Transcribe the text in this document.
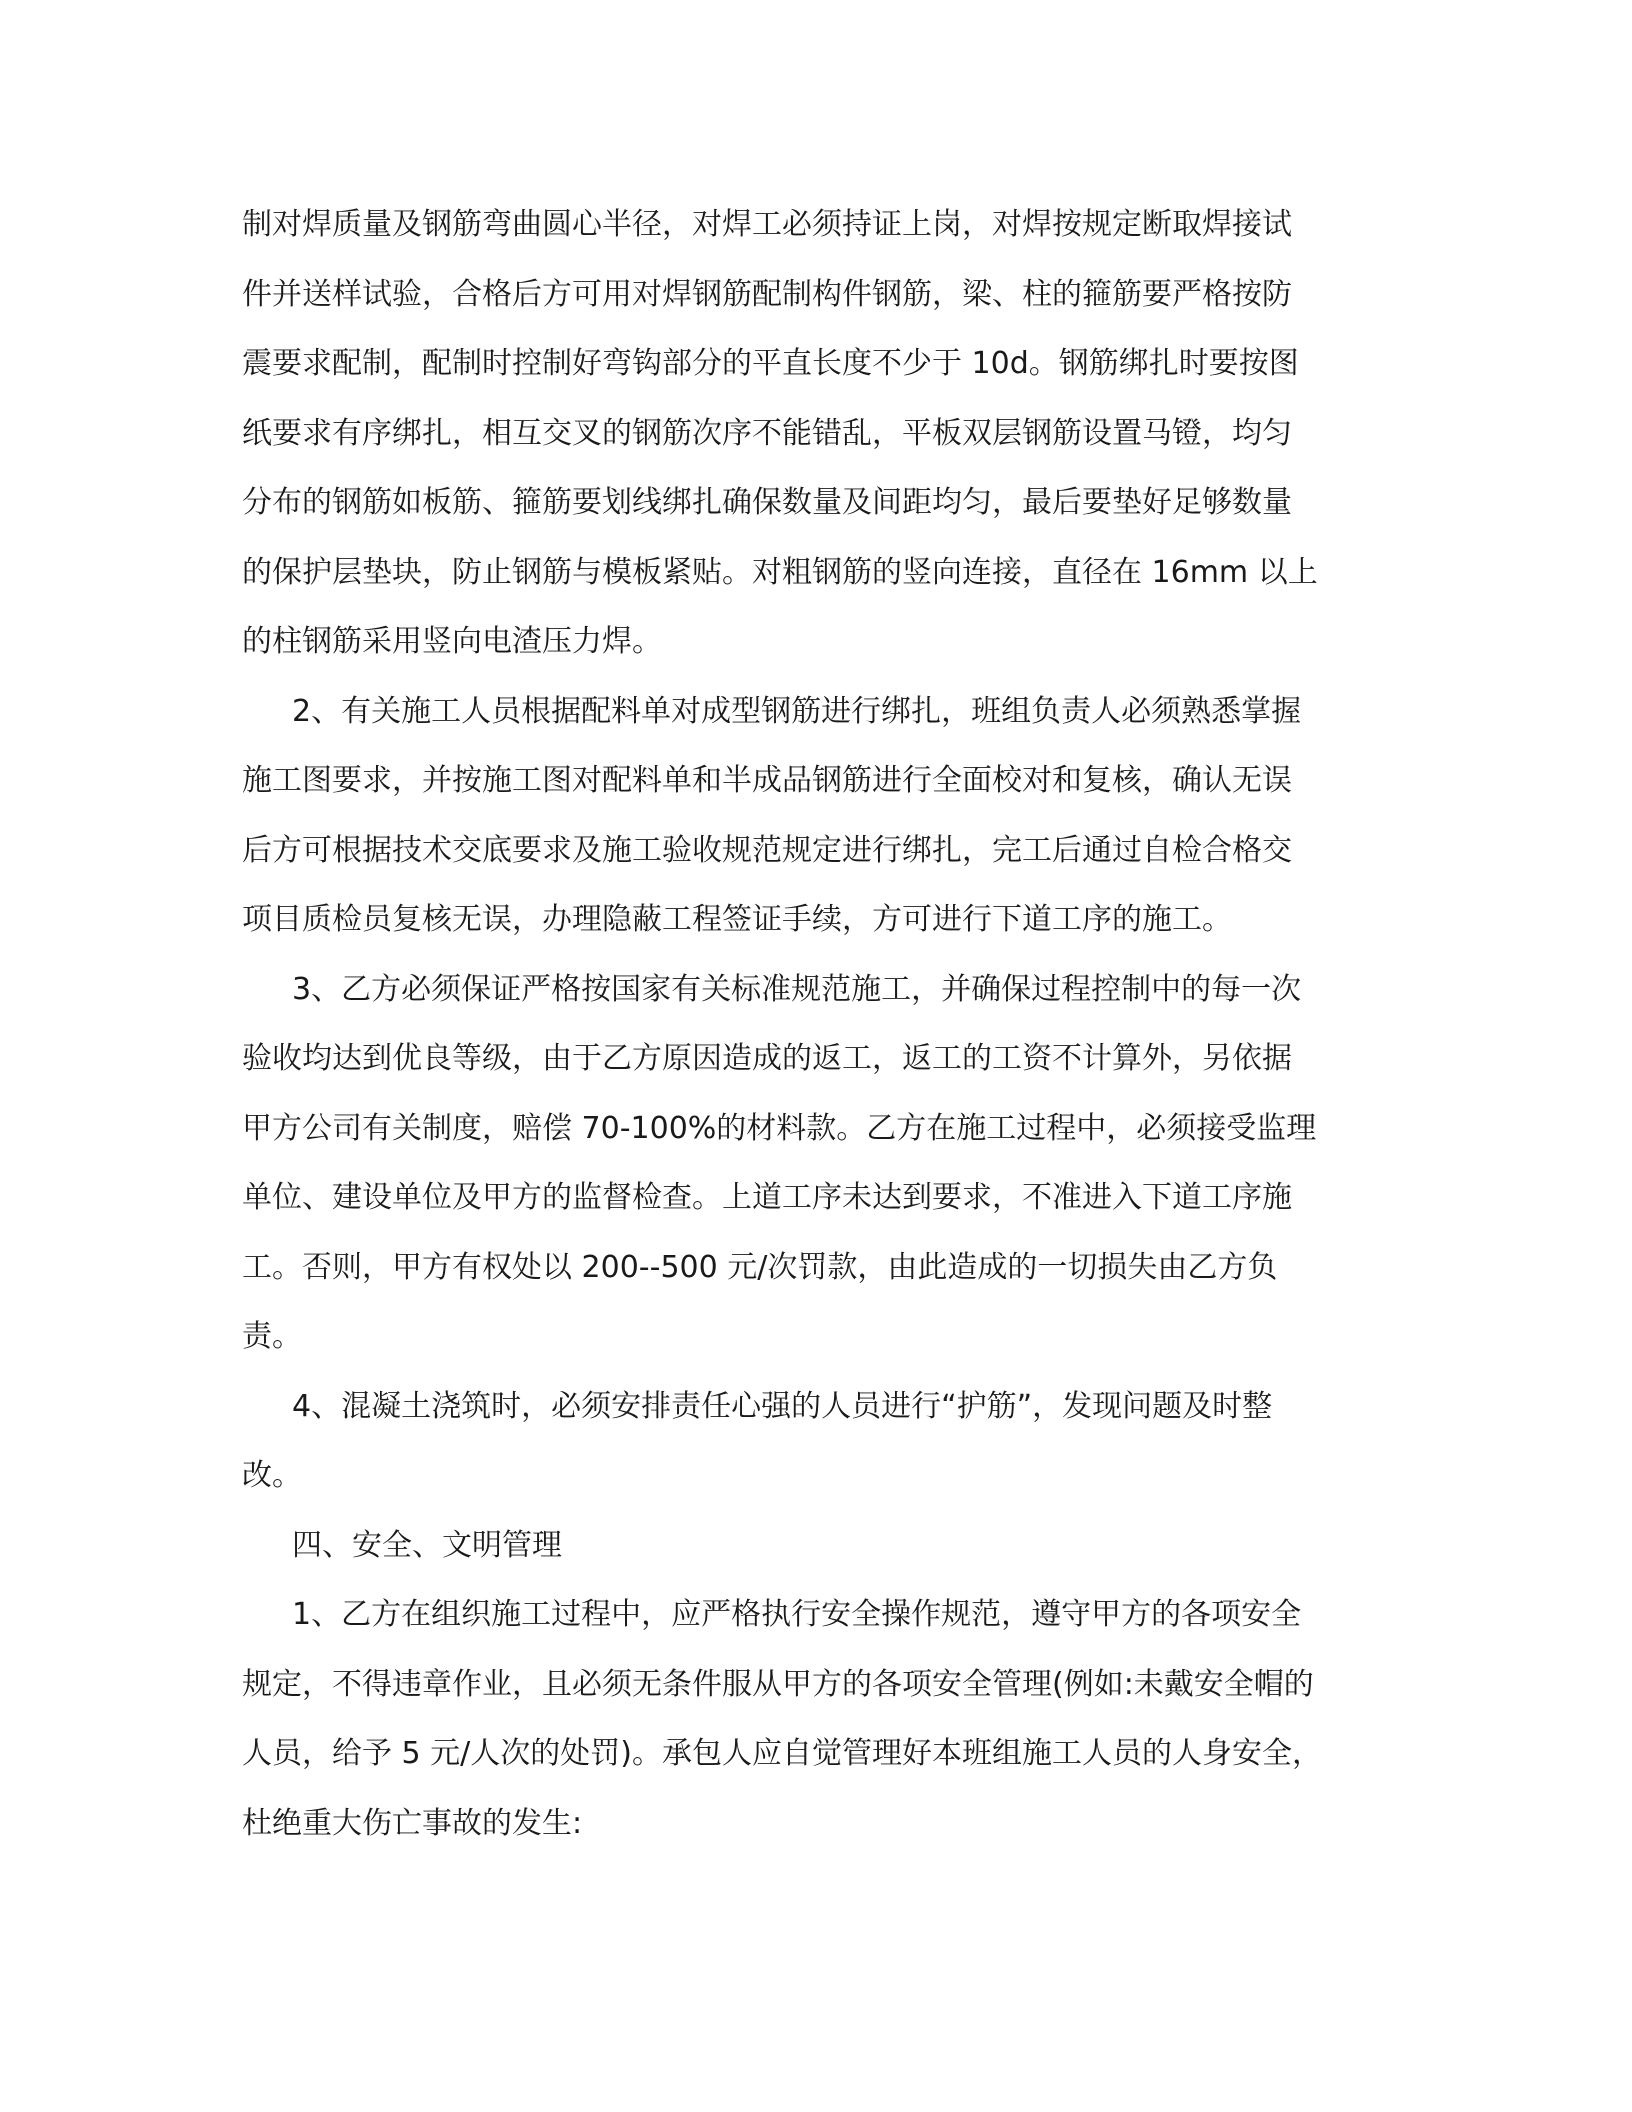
制对焊质量及钢筋弯曲圆心半径，对焊工必须持证上岗，对焊按规定断取焊接试
件并送样试验，合格后方可用对焊钢筋配制构件钢筋，梁、柱的箍筋要严格按防
震要求配制，配制时控制好弯钩部分的平直长度不少于 10d。钢筋绑扎时要按图
纸要求有序绑扎，相互交叉的钢筋次序不能错乱，平板双层钢筋设置马镫，均匀
分布的钢筋如板筋、箍筋要划线绑扎确保数量及间距均匀，最后要垫好足够数量
的保护层垫块，防止钢筋与模板紧贴。对粗钢筋的竖向连接，直径在 16mm 以上
的柱钢筋采用竖向电渣压力焊。
2、有关施工人员根据配料单对成型钢筋进行绑扎，班组负责人必须熟悉掌握
施工图要求，并按施工图对配料单和半成品钢筋进行全面校对和复核，确认无误
后方可根据技术交底要求及施工验收规范规定进行绑扎，完工后通过自检合格交
项目质检员复核无误，办理隐蔽工程签证手续，方可进行下道工序的施工。
3、乙方必须保证严格按国家有关标准规范施工，并确保过程控制中的每一次
验收均达到优良等级，由于乙方原因造成的返工，返工的工资不计算外，另依据
甲方公司有关制度，赔偿 70-100%的材料款。乙方在施工过程中，必须接受监理
单位、建设单位及甲方的监督检查。上道工序未达到要求，不准进入下道工序施
工。否则，甲方有权处以 200--500 元/次罚款，由此造成的一切损失由乙方负
责。
4、混凝土浇筑时，必须安排责任心强的人员进行“护筋”，发现问题及时整
改。
四、安全、文明管理
1、乙方在组织施工过程中，应严格执行安全操作规范，遵守甲方的各项安全
规定，不得违章作业，且必须无条件服从甲方的各项安全管理(例如:未戴安全帽的
人员，给予 5 元/人次的处罚)。承包人应自觉管理好本班组施工人员的人身安全，
杜绝重大伤亡事故的发生:
